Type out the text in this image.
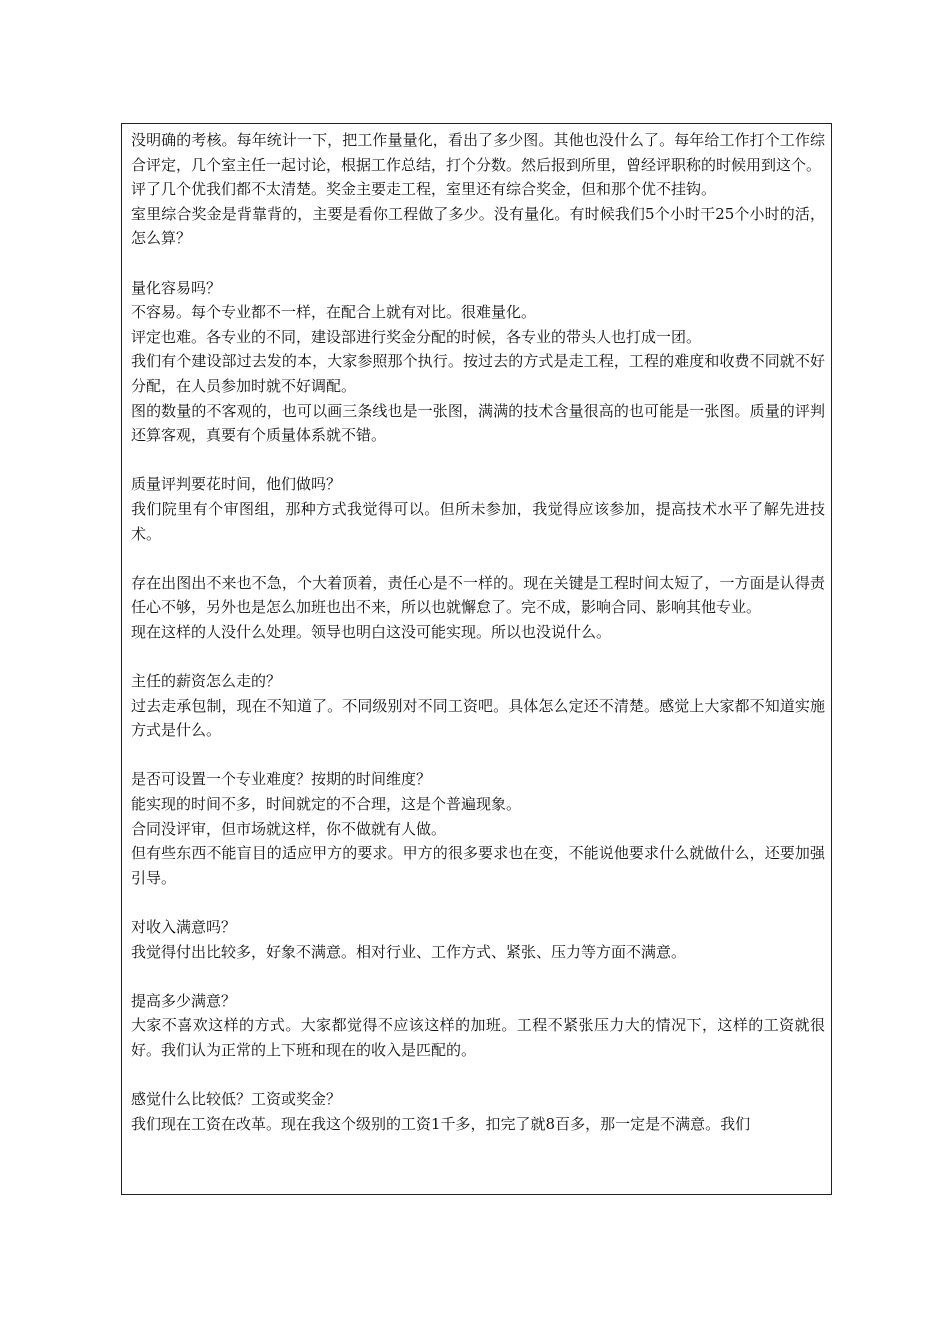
没明确的考核。每年统计一下，把工作量量化，看出了多少图。其他也没什么了。每年给工作打个工作综合评定，几个室主任一起讨论，根据工作总结，打个分数。然后报到所里，曾经评职称的时候用到这个。

评了几个优我们都不太清楚。奖金主要走工程，室里还有综合奖金，但和那个优不挂钩。

室里综合奖金是背靠背的，主要是看你工程做了多少。没有量化。有时候我们5个小时干25个小时的活，怎么算？

量化容易吗？

不容易。每个专业都不一样，在配合上就有对比。很难量化。

评定也难。各专业的不同，建设部进行奖金分配的时候，各专业的带头人也打成一团。

我们有个建设部过去发的本，大家参照那个执行。按过去的方式是走工程，工程的难度和收费不同就不好分配，在人员参加时就不好调配。

图的数量的不客观的，也可以画三条线也是一张图，满满的技术含量很高的也可能是一张图。质量的评判还算客观，真要有个质量体系就不错。

质量评判要花时间，他们做吗？

我们院里有个审图组，那种方式我觉得可以。但所未参加，我觉得应该参加，提高技术水平了解先进技术。

存在出图出不来也不急，个大着顶着，责任心是不一样的。现在关键是工程时间太短了，一方面是认得责任心不够，另外也是怎么加班也出不来，所以也就懈怠了。完不成，影响合同、影响其他专业。

现在这样的人没什么处理。领导也明白这没可能实现。所以也没说什么。

主任的薪资怎么走的？

过去走承包制，现在不知道了。不同级别对不同工资吧。具体怎么定还不清楚。感觉上大家都不知道实施方式是什么。

是否可设置一个专业难度？按期的时间维度？

能实现的时间不多，时间就定的不合理，这是个普遍现象。

合同没评审，但市场就这样，你不做就有人做。

但有些东西不能盲目的适应甲方的要求。甲方的很多要求也在变，不能说他要求什么就做什么，还要加强引导。

对收入满意吗？

我觉得付出比较多，好象不满意。相对行业、工作方式、紧张、压力等方面不满意。

提高多少满意？

大家不喜欢这样的方式。大家都觉得不应该这样的加班。工程不紧张压力大的情况下，这样的工资就很好。我们认为正常的上下班和现在的收入是匹配的。

感觉什么比较低？工资或奖金？

我们现在工资在改革。现在我这个级别的工资1千多，扣完了就8百多，那一定是不满意。我们
